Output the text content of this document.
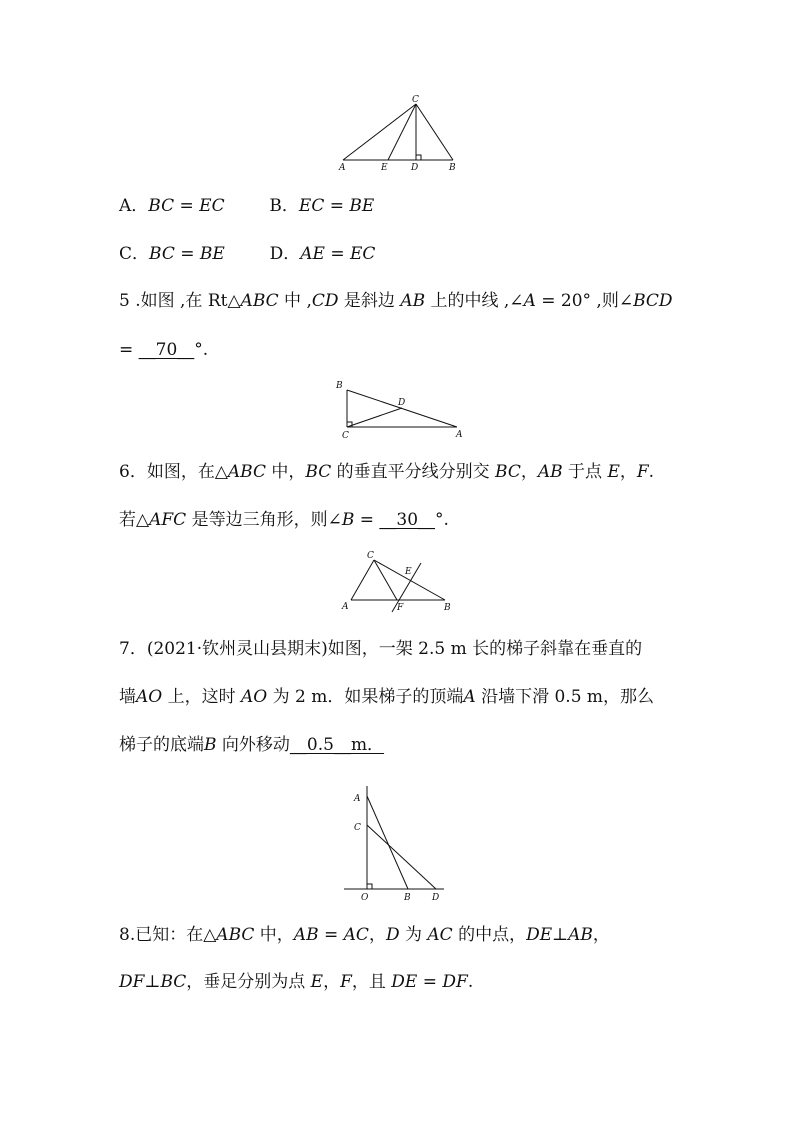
C
A	E	D	B
A．BC = EC	B．EC = BE
C．BC = BE	D．AE = EC
5 .如图 ,在 Rt△ABC 中 ,CD 是斜边 AB 上的中线 ,∠A = 20° ,则∠BCD
= __70__°.
B
D
C	A
6．如图，在△ABC 中，BC 的垂直平分线分别交 BC，AB 于点 E，F.
若△AFC 是等边三角形，则∠B = __30__°.
C
E
A	F	B
7．(2021·钦州灵山县期末)如图，一架 2.5 m 长的梯子斜靠在垂直的
墙AO 上，这时 AO 为 2 m．如果梯子的顶端A 沿墙下滑 0.5 m，那么
梯子的底端B 向外移动__0.5__m．
A
C
O	B D
8.已知：在△ABC 中，AB = AC，D 为 AC 的中点，DE⊥AB，
DF⊥BC，垂足分别为点 E，F，且 DE = DF.
